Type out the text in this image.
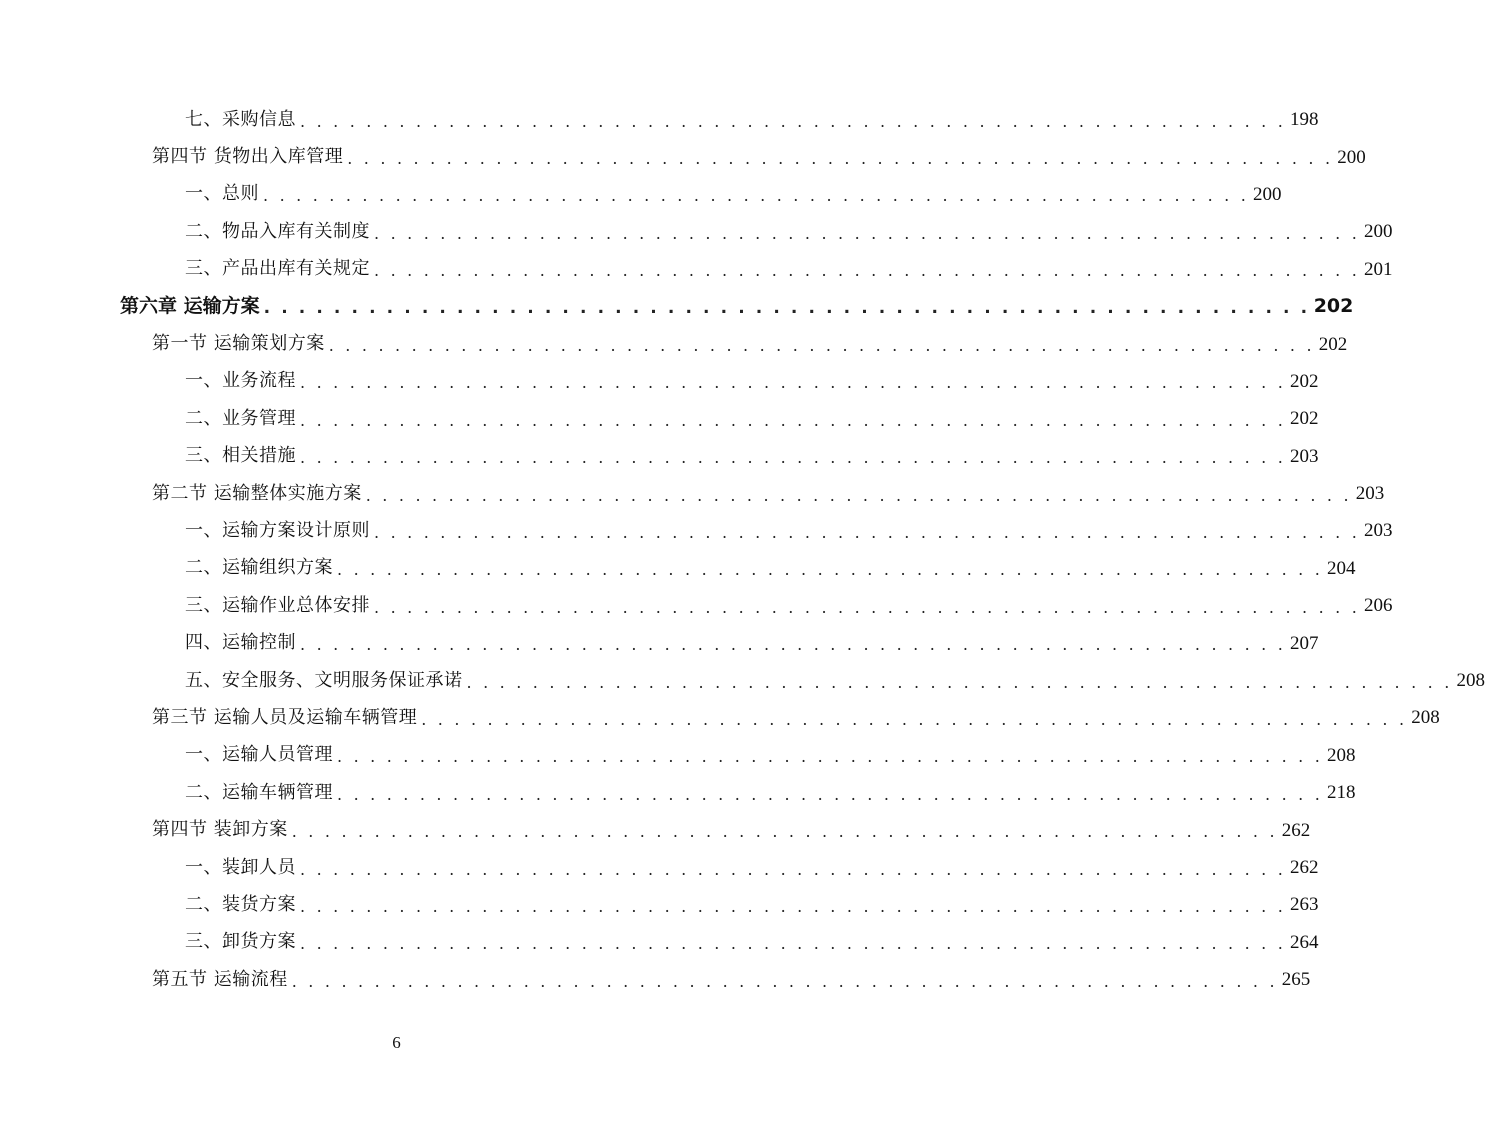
七、采购信息 . . . . . . . . . . . . . . . . . . . . . . . . . . . . . . . . . . . . . . . . . . . . . . . . . . . . . . . . . . . . 198
第四节 货物出入库管理 . . . . . . . . . . . . . . . . . . . . . . . . . . . . . . . . . . . . . . . . . . . . . . . . . . . . . . . . . . . . 200
一、总则 . . . . . . . . . . . . . . . . . . . . . . . . . . . . . . . . . . . . . . . . . . . . . . . . . . . . . . . . . . . . 200
二、物品入库有关制度 . . . . . . . . . . . . . . . . . . . . . . . . . . . . . . . . . . . . . . . . . . . . . . . . . . . . . . . . . . . . 200
三、产品出库有关规定 . . . . . . . . . . . . . . . . . . . . . . . . . . . . . . . . . . . . . . . . . . . . . . . . . . . . . . . . . . . . 201
第六章 运输方案 . . . . . . . . . . . . . . . . . . . . . . . . . . . . . . . . . . . . . . . . . . . . . . . . . . . . . . . . . . . . 202
第一节 运输策划方案 . . . . . . . . . . . . . . . . . . . . . . . . . . . . . . . . . . . . . . . . . . . . . . . . . . . . . . . . . . . . 202
一、业务流程 . . . . . . . . . . . . . . . . . . . . . . . . . . . . . . . . . . . . . . . . . . . . . . . . . . . . . . . . . . . . 202
二、业务管理 . . . . . . . . . . . . . . . . . . . . . . . . . . . . . . . . . . . . . . . . . . . . . . . . . . . . . . . . . . . . 202
三、相关措施 . . . . . . . . . . . . . . . . . . . . . . . . . . . . . . . . . . . . . . . . . . . . . . . . . . . . . . . . . . . . 203
第二节 运输整体实施方案 . . . . . . . . . . . . . . . . . . . . . . . . . . . . . . . . . . . . . . . . . . . . . . . . . . . . . . . . . . . . 203
一、运输方案设计原则 . . . . . . . . . . . . . . . . . . . . . . . . . . . . . . . . . . . . . . . . . . . . . . . . . . . . . . . . . . . . 203
二、运输组织方案 . . . . . . . . . . . . . . . . . . . . . . . . . . . . . . . . . . . . . . . . . . . . . . . . . . . . . . . . . . . . 204
三、运输作业总体安排 . . . . . . . . . . . . . . . . . . . . . . . . . . . . . . . . . . . . . . . . . . . . . . . . . . . . . . . . . . . . 206
四、运输控制 . . . . . . . . . . . . . . . . . . . . . . . . . . . . . . . . . . . . . . . . . . . . . . . . . . . . . . . . . . . . 207
五、安全服务、文明服务保证承诺 . . . . . . . . . . . . . . . . . . . . . . . . . . . . . . . . . . . . . . . . . . . . . . . . . . . . . . . . . . . . 208
第三节 运输人员及运输车辆管理 . . . . . . . . . . . . . . . . . . . . . . . . . . . . . . . . . . . . . . . . . . . . . . . . . . . . . . . . . . . . 208
一、运输人员管理 . . . . . . . . . . . . . . . . . . . . . . . . . . . . . . . . . . . . . . . . . . . . . . . . . . . . . . . . . . . . 208
二、运输车辆管理 . . . . . . . . . . . . . . . . . . . . . . . . . . . . . . . . . . . . . . . . . . . . . . . . . . . . . . . . . . . . 218
第四节 装卸方案 . . . . . . . . . . . . . . . . . . . . . . . . . . . . . . . . . . . . . . . . . . . . . . . . . . . . . . . . . . . . 262
一、装卸人员 . . . . . . . . . . . . . . . . . . . . . . . . . . . . . . . . . . . . . . . . . . . . . . . . . . . . . . . . . . . . 262
二、装货方案 . . . . . . . . . . . . . . . . . . . . . . . . . . . . . . . . . . . . . . . . . . . . . . . . . . . . . . . . . . . . 263
三、卸货方案 . . . . . . . . . . . . . . . . . . . . . . . . . . . . . . . . . . . . . . . . . . . . . . . . . . . . . . . . . . . . 264
第五节 运输流程 . . . . . . . . . . . . . . . . . . . . . . . . . . . . . . . . . . . . . . . . . . . . . . . . . . . . . . . . . . . . 265
6
